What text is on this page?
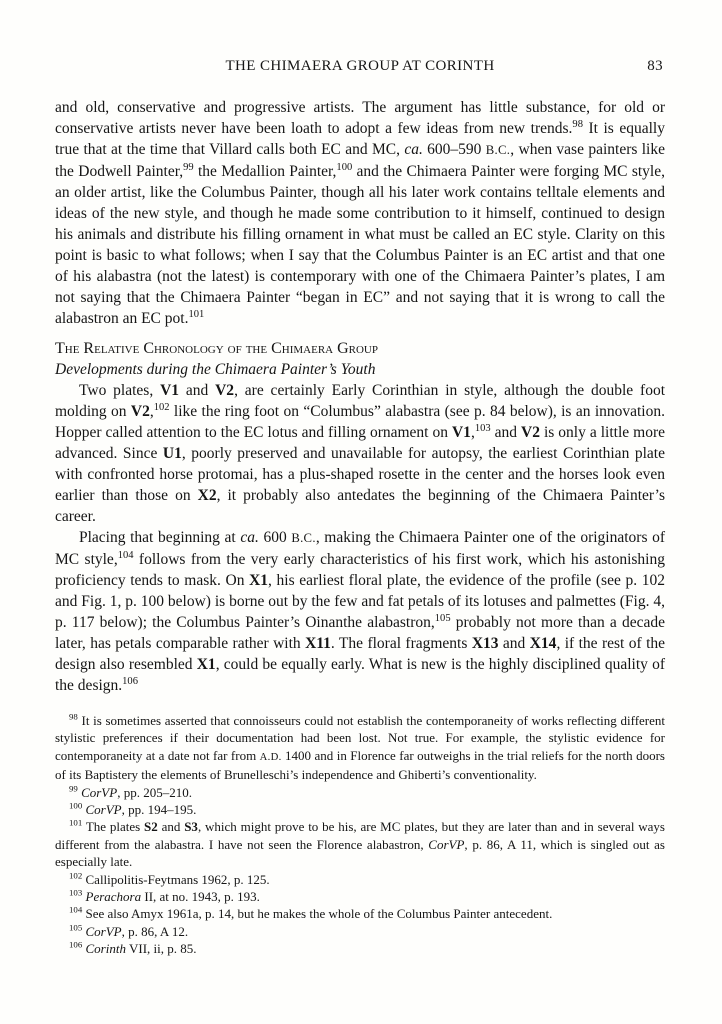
THE CHIMAERA GROUP AT CORINTH	83

and old, conservative and progressive artists. The argument has little substance, for old or conservative artists never have been loath to adopt a few ideas from new trends.$^{98}$ It is equally true that at the time that Villard calls both EC and MC, ca. 600–590 B.C., when vase painters like the Dodwell Painter,$^{99}$ the Medallion Painter,$^{100}$ and the Chimaera Painter were forging MC style, an older artist, like the Columbus Painter, though all his later work contains telltale elements and ideas of the new style, and though he made some contribution to it himself, continued to design his animals and distribute his filling ornament in what must be called an EC style. Clarity on this point is basic to what follows; when I say that the Columbus Painter is an EC artist and that one of his alabastra (not the latest) is contemporary with one of the Chimaera Painter’s plates, I am not saying that the Chimaera Painter “began in EC” and not saying that it is wrong to call the alabastron an EC pot.$^{101}$

The Relative Chronology of the Chimaera Group
Developments during the Chimaera Painter’s Youth

Two plates, V1 and V2, are certainly Early Corinthian in style, although the double foot molding on V2,$^{102}$ like the ring foot on “Columbus” alabastra (see p. 84 below), is an innovation. Hopper called attention to the EC lotus and filling ornament on V1,$^{103}$ and V2 is only a little more advanced. Since U1, poorly preserved and unavailable for autopsy, the earliest Corinthian plate with confronted horse protomai, has a plus-shaped rosette in the center and the horses look even earlier than those on X2, it probably also antedates the beginning of the Chimaera Painter’s career.

Placing that beginning at ca. 600 B.C., making the Chimaera Painter one of the originators of MC style,$^{104}$ follows from the very early characteristics of his first work, which his astonishing proficiency tends to mask. On X1, his earliest floral plate, the evidence of the profile (see p. 102 and Fig. 1, p. 100 below) is borne out by the few and fat petals of its lotuses and palmettes (Fig. 4, p. 117 below); the Columbus Painter’s Oinanthe alabastron,$^{105}$ probably not more than a decade later, has petals comparable rather with X11. The floral fragments X13 and X14, if the rest of the design also resembled X1, could be equally early. What is new is the highly disciplined quality of the design.$^{106}$

$^{98}$ It is sometimes asserted that connoisseurs could not establish the contemporaneity of works reflecting different stylistic preferences if their documentation had been lost. Not true. For example, the stylistic evidence for contemporaneity at a date not far from A.D. 1400 and in Florence far outweighs in the trial reliefs for the north doors of its Baptistery the elements of Brunelleschi’s independence and Ghiberti’s conventionality.

$^{99}$ CorVP, pp. 205–210.

$^{100}$ CorVP, pp. 194–195.

$^{101}$ The plates S2 and S3, which might prove to be his, are MC plates, but they are later than and in several ways different from the alabastra. I have not seen the Florence alabastron, CorVP, p. 86, A 11, which is singled out as especially late.

$^{102}$ Callipolitis-Feytmans 1962, p. 125.

$^{103}$ Perachora II, at no. 1943, p. 193.

$^{104}$ See also Amyx 1961a, p. 14, but he makes the whole of the Columbus Painter antecedent.

$^{105}$ CorVP, p. 86, A 12.

$^{106}$ Corinth VII, ii, p. 85.
